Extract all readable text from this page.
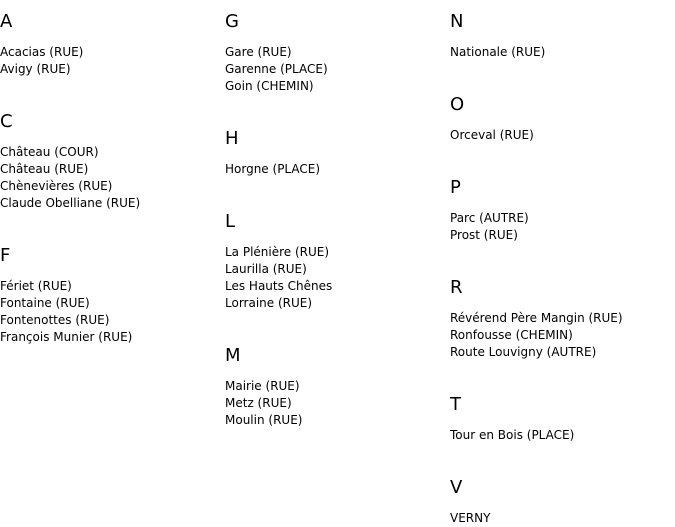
A
Acacias (RUE)
Avigy (RUE)
C
Château (COUR)
Château (RUE)
Chènevières (RUE)
Claude Obelliane (RUE)
F
Fériet (RUE)
Fontaine (RUE)
Fontenottes (RUE)
François Munier (RUE)
G
Gare (RUE)
Garenne (PLACE)
Goin (CHEMIN)
H
Horgne (PLACE)
L
La Plénière (RUE)
Laurilla (RUE)
Les Hauts Chênes
Lorraine (RUE)
M
Mairie (RUE)
Metz (RUE)
Moulin (RUE)
N
Nationale (RUE)
O
Orceval (RUE)
P
Parc (AUTRE)
Prost (RUE)
R
Révérend Père Mangin (RUE)
Ronfousse (CHEMIN)
Route Louvigny (AUTRE)
T
Tour en Bois (PLACE)
V
VERNY
